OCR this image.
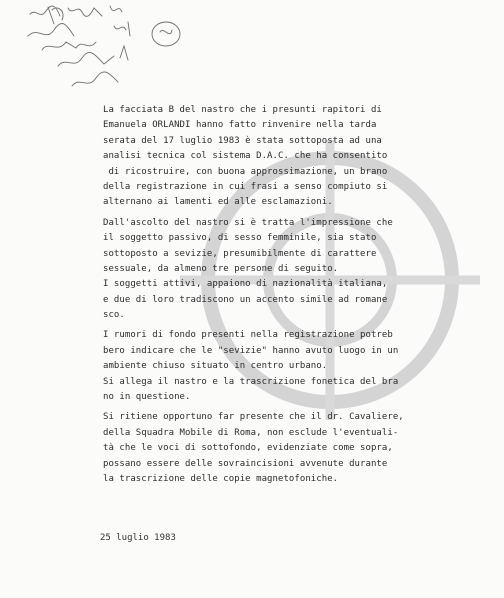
La facciata B del nastro che i presunti rapitori di
Emanuela ORLANDI hanno fatto rinvenire nella tarda
serata del 17 luglio 1983 è stata sottoposta ad una
analisi tecnica col sistema D.A.C. che ha consentito
di ricostruire, con buona approssimazione, un brano
della registrazione in cui frasi a senso compiuto si
alternano ai lamenti ed alle esclamazioni.
Dall'ascolto del nastro si è tratta l'impressione che
il soggetto passivo, di sesso femminile, sia stato
sottoposto a sevizie, presumibilmente di carattere
sessuale, da almeno tre persone di seguito.
I soggetti attivi, appaiono di nazionalità italiana,
e due di loro tradiscono un accento simile ad romane
sco.
I rumori di fondo presenti nella registrazione potreb
bero indicare che le "sevizie" hanno avuto luogo in un
ambiente chiuso situato in centro urbano.
Si allega il nastro e la trascrizione fonetica del bra
no in questione.
Si ritiene opportuno far presente che il dr. Cavaliere,
della Squadra Mobile di Roma, non esclude l'eventuali-
tà che le voci di sottofondo, evidenziate come sopra,
possano essere delle sovraincisioni avvenute durante
la trascrizione delle copie magnetofoniche.
25 luglio 1983
